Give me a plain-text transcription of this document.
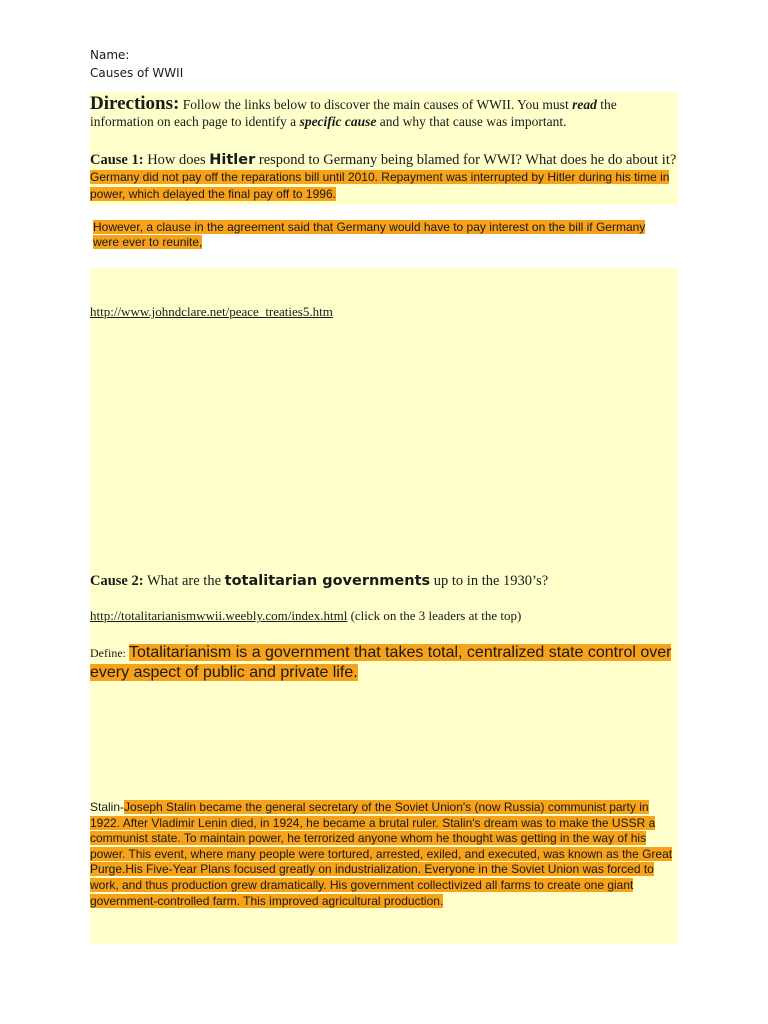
Name:
Causes of WWII
Directions: Follow the links below to discover the main causes of WWII. You must read the information on each page to identify a specific cause and why that cause was important.
Cause 1: How does Hitler respond to Germany being blamed for WWI? What does he do about it? Germany did not pay off the reparations bill until 2010. Repayment was interrupted by Hitler during his time in power, which delayed the final pay off to 1996.
However, a clause in the agreement said that Germany would have to pay interest on the bill if Germany were ever to reunite,
http://www.johndclare.net/peace_treaties5.htm
Cause 2: What are the totalitarian governments up to in the 1930’s?
http://totalitarianismwwii.weebly.com/index.html (click on the 3 leaders at the top)
Define: Totalitarianism is a government that takes total, centralized state control over every aspect of public and private life.
Stalin-Joseph Stalin became the general secretary of the Soviet Union's (now Russia) communist party in 1922. After Vladimir Lenin died, in 1924, he became a brutal ruler. Stalin's dream was to make the USSR a communist state. To maintain power, he terrorized anyone whom he thought was getting in the way of his power. This event, where many people were tortured, arrested, exiled, and executed, was known as the Great Purge.His Five-Year Plans focused greatly on industrialization. Everyone in the Soviet Union was forced to work, and thus production grew dramatically. His government collectivized all farms to create one giant government-controlled farm. This improved agricultural production.
